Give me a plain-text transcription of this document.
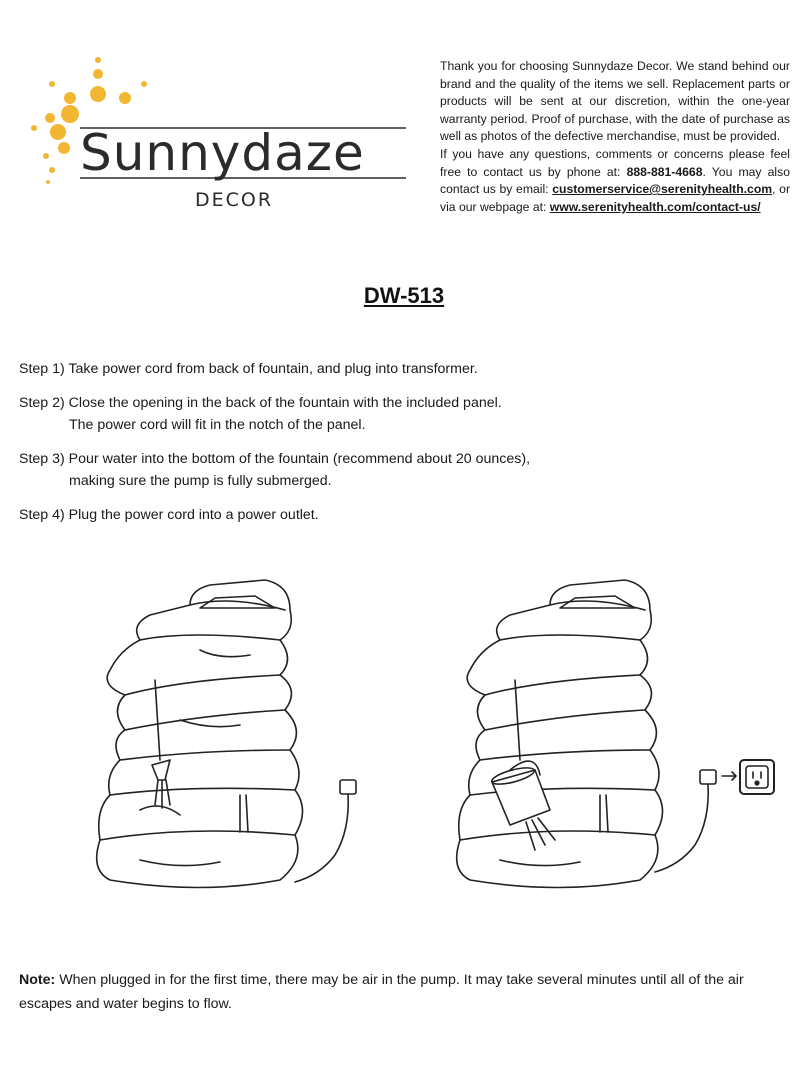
Sunnydaze
DECOR

Thank you for choosing Sunnydaze Decor. We stand behind our brand and the quality of the items we sell. Replacement parts or products will be sent at our discretion, within the one-year warranty period. Proof of purchase, with the date of purchase as well as photos of the defective merchandise, must be provided.

If you have any questions, comments or concerns please feel free to contact us by phone at: 888-881-4668. You may also contact us by email: customerservice@serenityhealth.com, or via our webpage at: www.serenityhealth.com/contact-us/

DW-513
Step 1) Take power cord from back of fountain, and plug into transformer.
Step 2) Close the opening in the back of the fountain with the included panel.
The power cord will fit in the notch of the panel.
Step 3) Pour water into the bottom of the fountain (recommend about 20 ounces),
making sure the pump is fully submerged.
Step 4) Plug the power cord into a power outlet.
Note: When plugged in for the first time, there may be air in the pump. It may take several minutes until all of the air escapes and water begins to flow.
